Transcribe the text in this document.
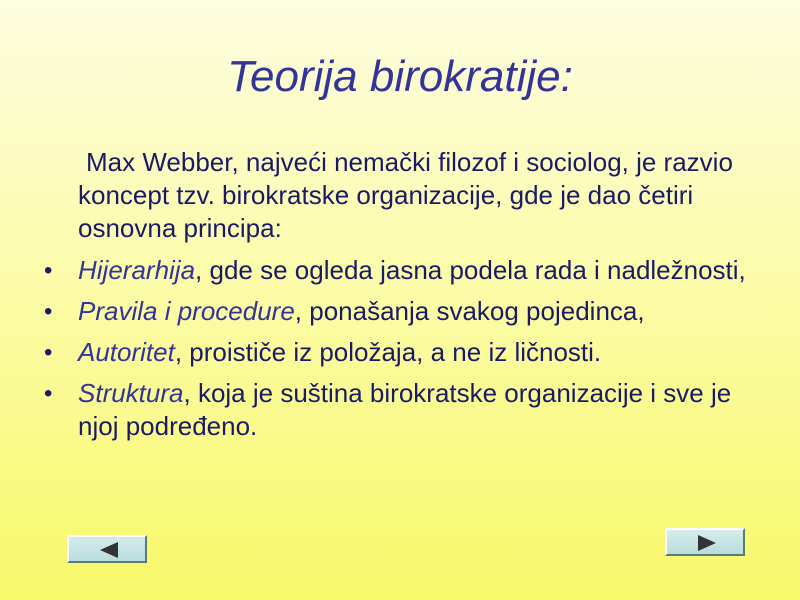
Teorija birokratije:

Max Webber, najveći nemački filozof i sociolog, je razvio koncept tzv. birokratske organizacije, gde je dao četiri osnovna principa:

• Hijerarhija, gde se ogleda jasna podela rada i nadležnosti,
• Pravila i procedure, ponašanja svakog pojedinca,
• Autoritet, proističe iz položaja, a ne iz ličnosti.
• Struktura, koja je suština birokratske organizacije i sve je njoj podređeno.
